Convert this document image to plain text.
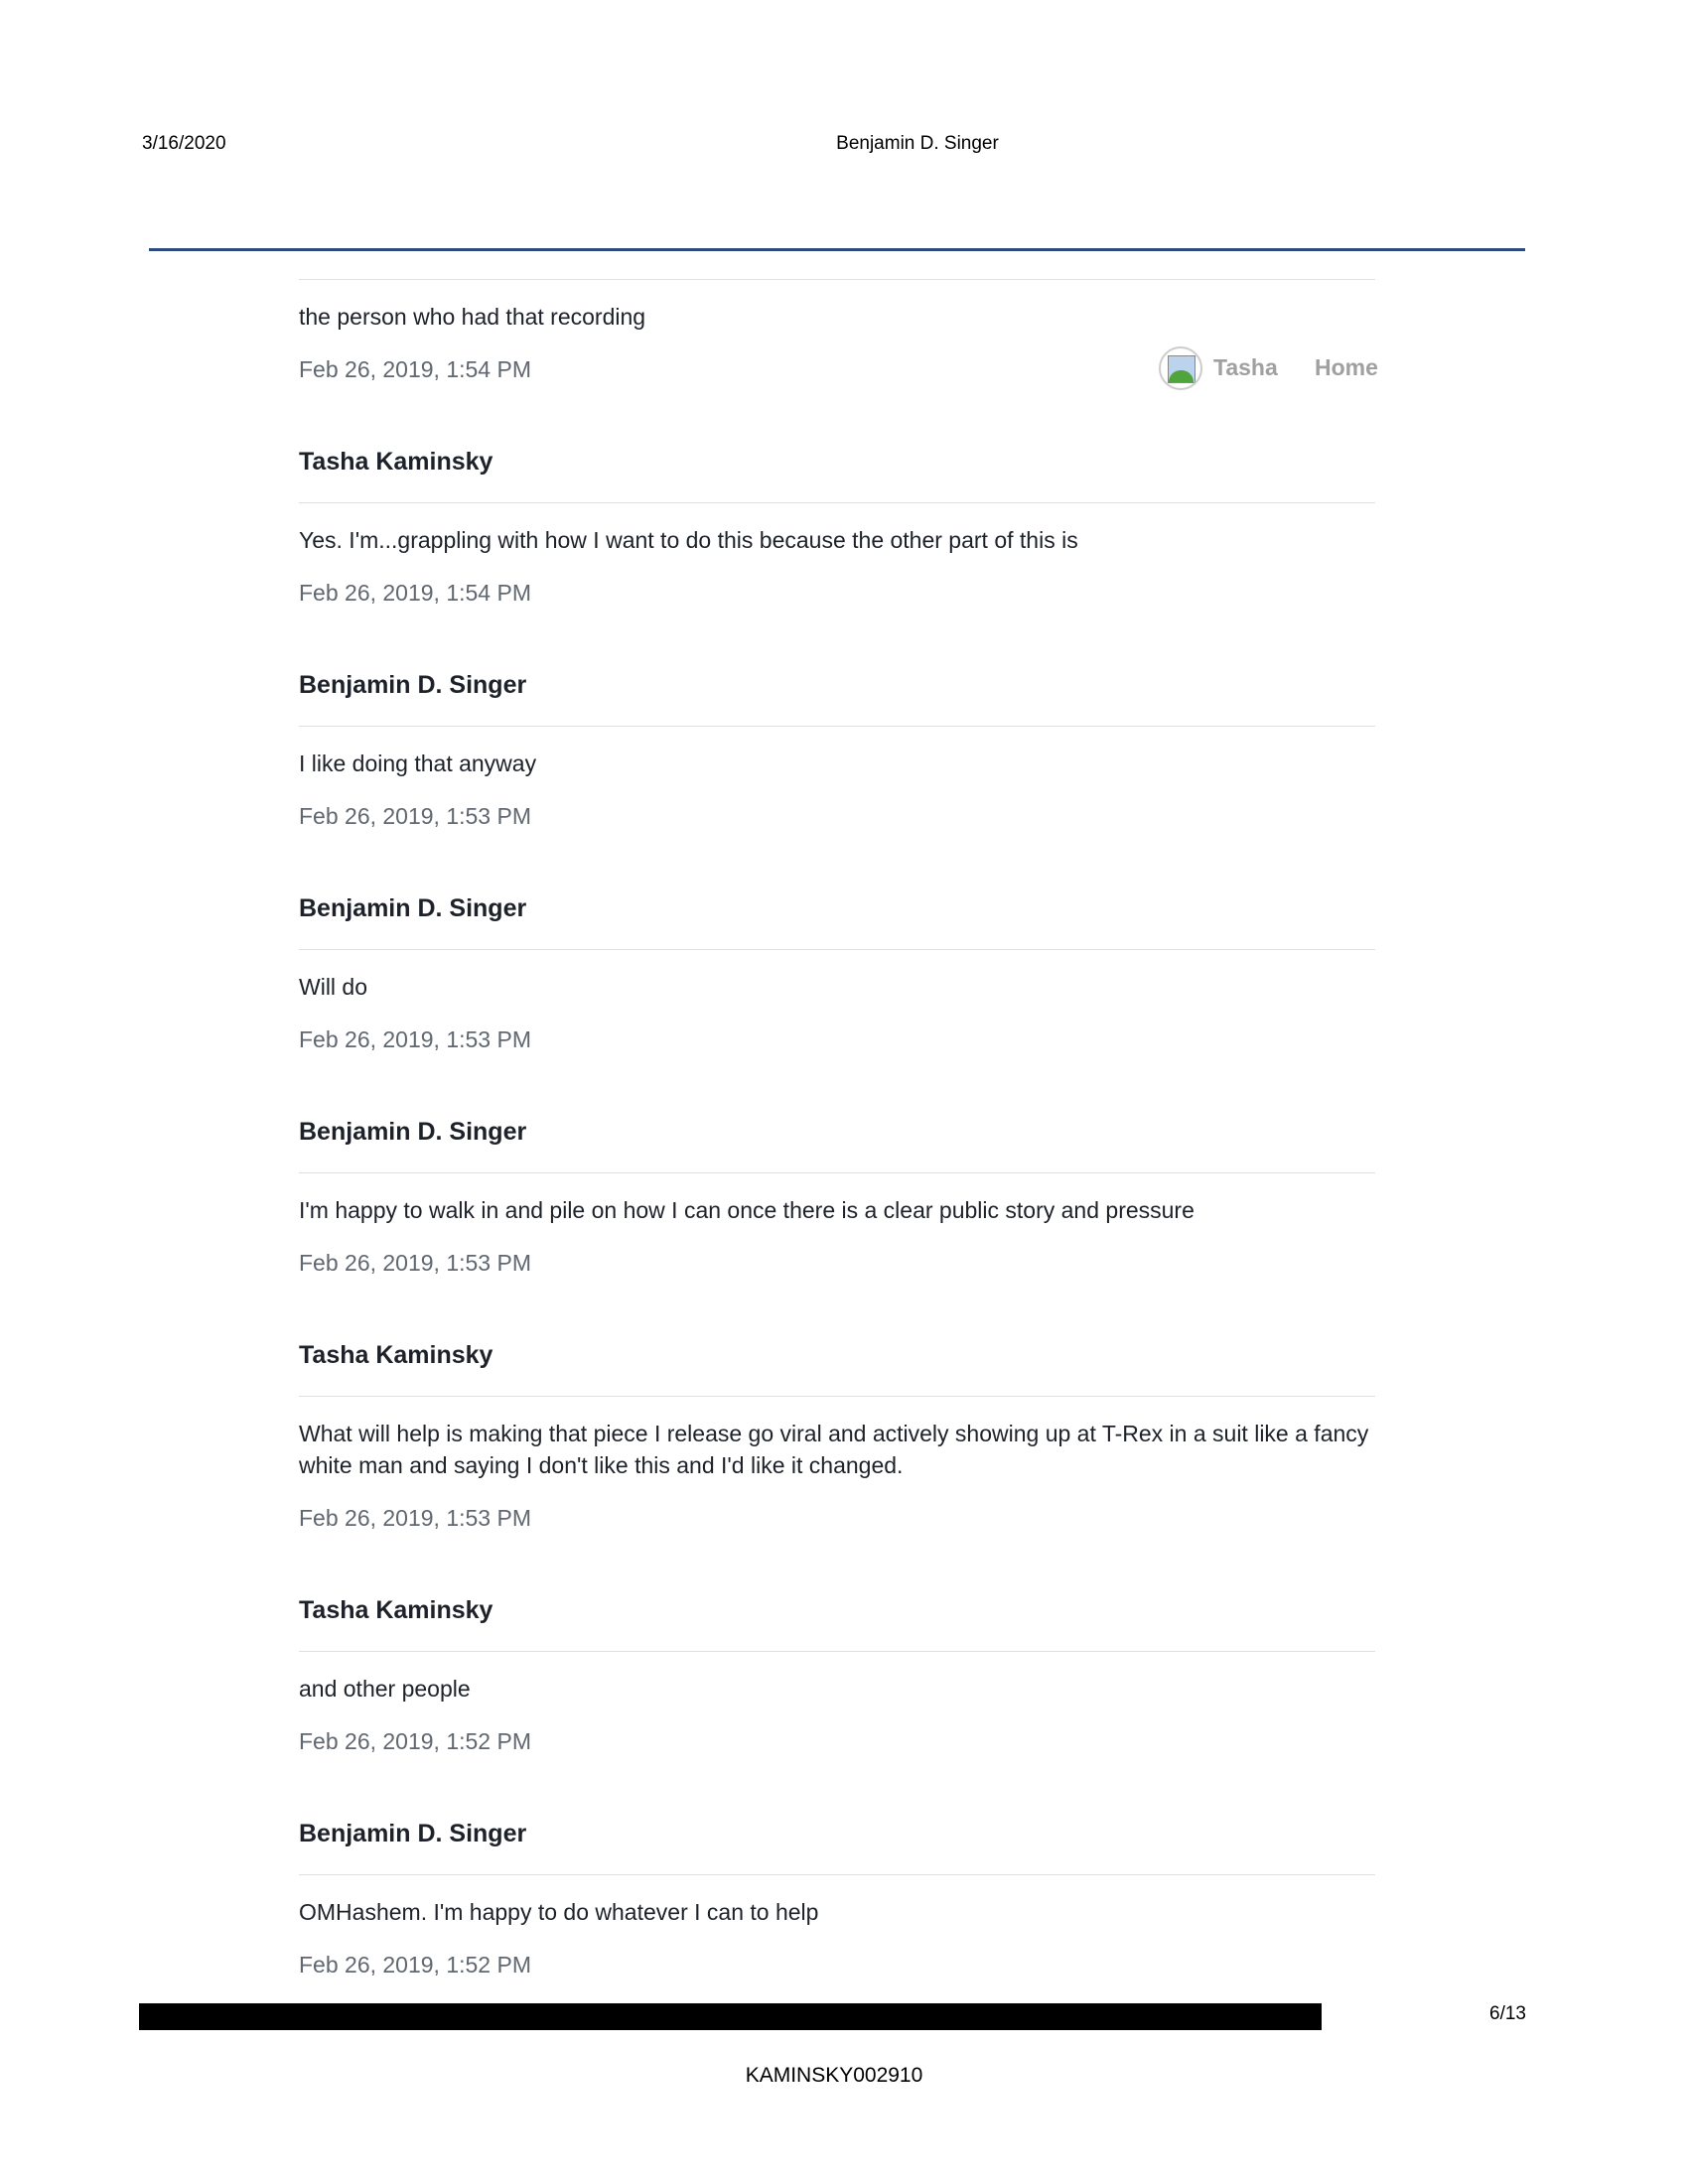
3/16/2020	Benjamin D. Singer
Tasha Home
the person who had that recording
Feb 26, 2019, 1:54 PM
Tasha Kaminsky
Yes. I'm...grappling with how I want to do this because the other part of this is
Feb 26, 2019, 1:54 PM
Benjamin D. Singer
I like doing that anyway
Feb 26, 2019, 1:53 PM
Benjamin D. Singer
Will do
Feb 26, 2019, 1:53 PM
Benjamin D. Singer
I'm happy to walk in and pile on how I can once there is a clear public story and pressure
Feb 26, 2019, 1:53 PM
Tasha Kaminsky
What will help is making that piece I release go viral and actively showing up at T-Rex in a suit like a fancy white man and saying I don't like this and I'd like it changed.
Feb 26, 2019, 1:53 PM
Tasha Kaminsky
and other people
Feb 26, 2019, 1:52 PM
Benjamin D. Singer
OMHashem. I'm happy to do whatever I can to help
Feb 26, 2019, 1:52 PM
6/13
KAMINSKY002910
